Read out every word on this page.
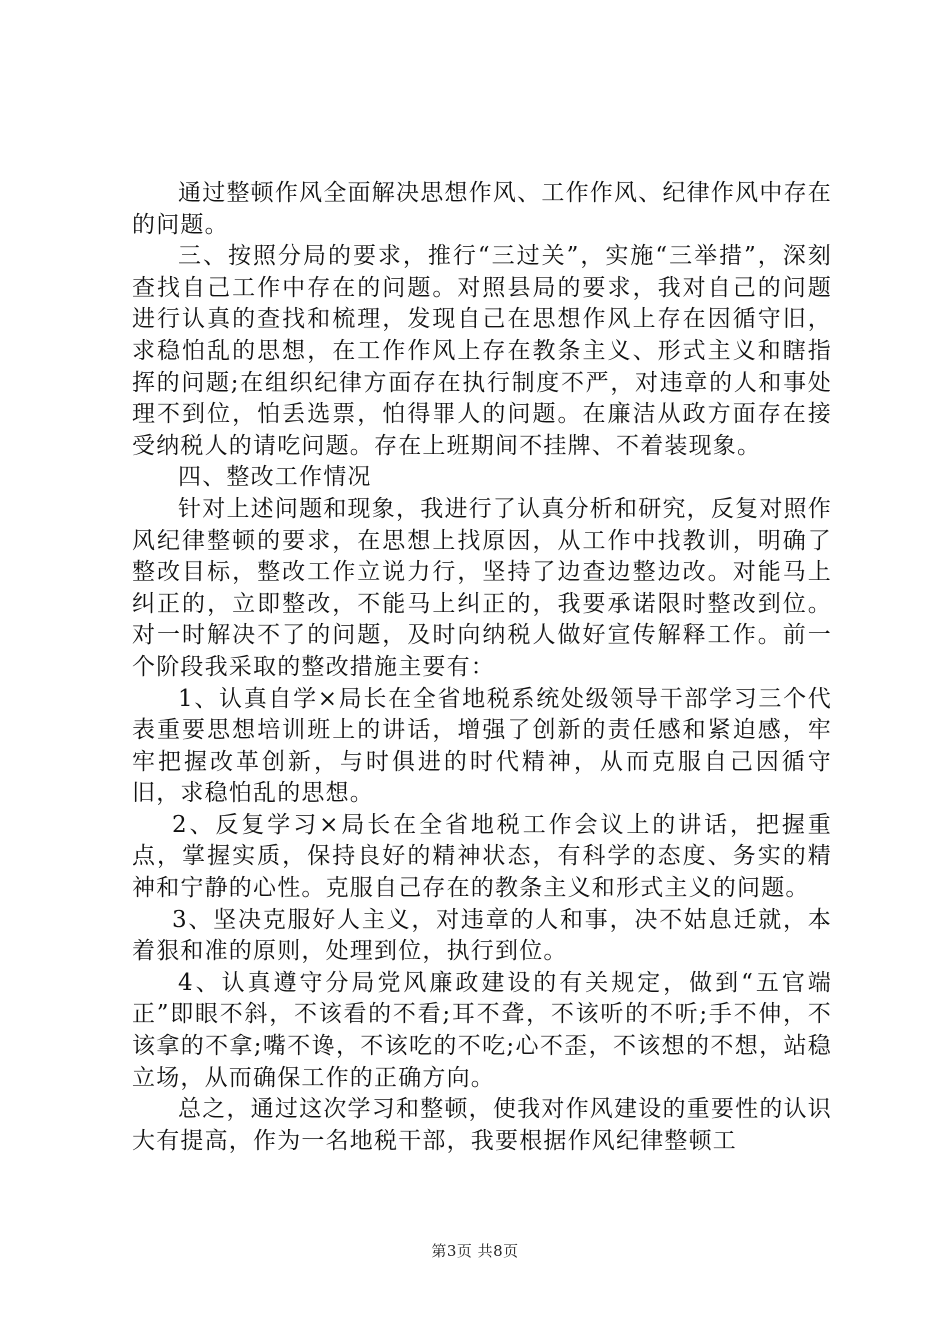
通过整顿作风全面解决思想作风、工作作风、纪律作风中存在的问题。

三、按照分局的要求，推行“三过关”，实施“三举措”，深刻查找自己工作中存在的问题。对照县局的要求，我对自己的问题进行认真的查找和梳理，发现自己在思想作风上存在因循守旧，求稳怕乱的思想，在工作作风上存在教条主义、形式主义和瞎指挥的问题;在组织纪律方面存在执行制度不严，对违章的人和事处理不到位，怕丢选票，怕得罪人的问题。在廉洁从政方面存在接受纳税人的请吃问题。存在上班期间不挂牌、不着装现象。

四、整改工作情况

针对上述问题和现象，我进行了认真分析和研究，反复对照作风纪律整顿的要求，在思想上找原因，从工作中找教训，明确了整改目标，整改工作立说力行，坚持了边查边整边改。对能马上纠正的，立即整改，不能马上纠正的，我要承诺限时整改到位。对一时解决不了的问题，及时向纳税人做好宣传解释工作。前一个阶段我采取的整改措施主要有：

1、认真自学×局长在全省地税系统处级领导干部学习三个代表重要思想培训班上的讲话，增强了创新的责任感和紧迫感，牢牢把握改革创新，与时俱进的时代精神，从而克服自己因循守旧，求稳怕乱的思想。

2、反复学习×局长在全省地税工作会议上的讲话，把握重点，掌握实质，保持良好的精神状态，有科学的态度、务实的精神和宁静的心性。克服自己存在的教条主义和形式主义的问题。

3、坚决克服好人主义，对违章的人和事，决不姑息迁就，本着狠和准的原则，处理到位，执行到位。

4、认真遵守分局党风廉政建设的有关规定，做到“五官端正”即眼不斜，不该看的不看;耳不聋，不该听的不听;手不伸，不该拿的不拿;嘴不谗，不该吃的不吃;心不歪，不该想的不想，站稳立场，从而确保工作的正确方向。

总之，通过这次学习和整顿，使我对作风建设的重要性的认识大有提高，作为一名地税干部，我要根据作风纪律整顿工

第3页 共8页
